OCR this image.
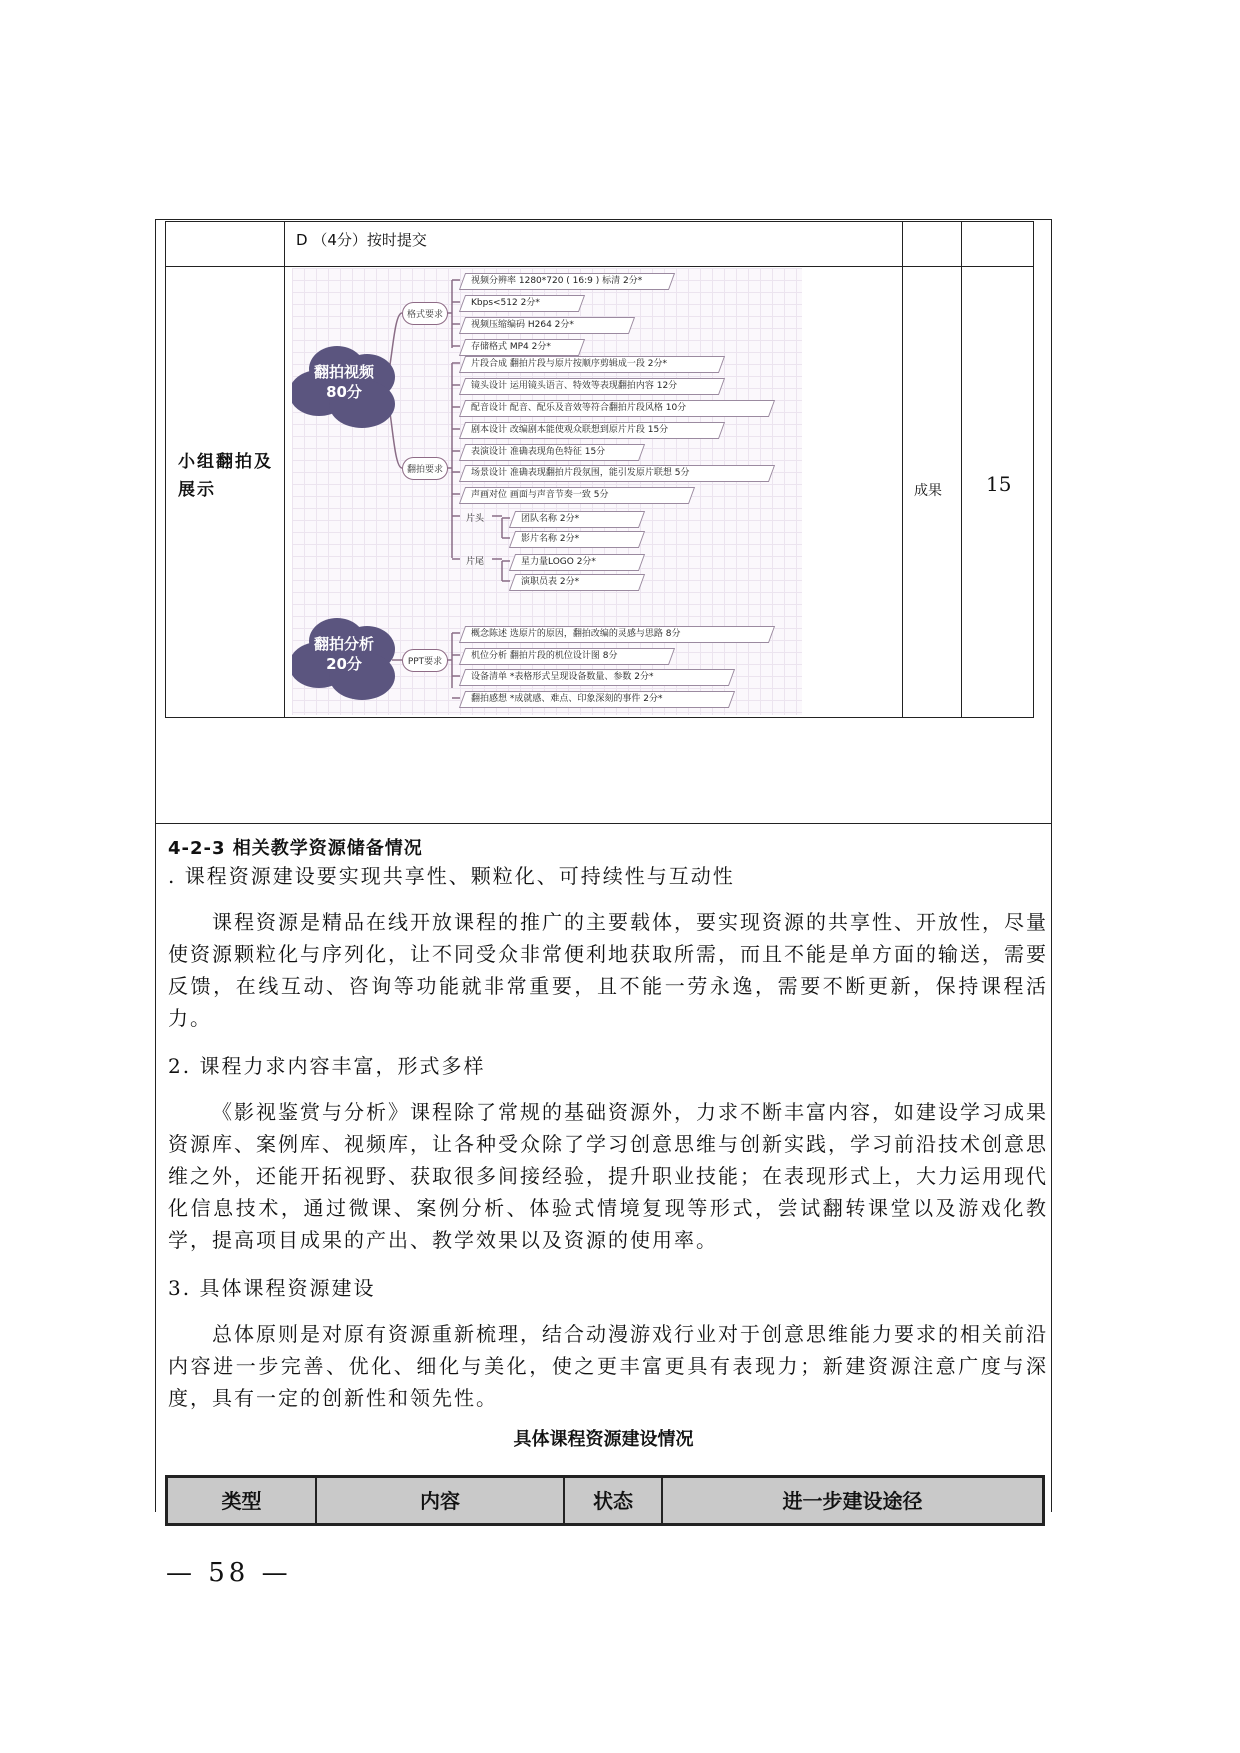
D （4分）按时提交
小组翻拍及展示	成果 15
翻拍视频
80分
翻拍分析
20分
格式要求
翻拍要求
PPT要求
视频分辨率 1280*720 ( 16:9 ) 标清 2分*
Kbps<512 2分*
视频压缩编码 H264 2分*
存储格式 MP4 2分*
片段合成 翻拍片段与原片按顺序剪辑成一段 2分*
镜头设计 运用镜头语言、特效等表现翻拍内容 12分
配音设计 配音、配乐及音效等符合翻拍片段风格 10分
剧本设计 改编剧本能使观众联想到原片片段 15分
表演设计 准确表现角色特征 15分
场景设计 准确表现翻拍片段氛围，能引发原片联想 5分
声画对位 画面与声音节奏一致 5分
片头
片尾
团队名称 2分*
影片名称 2分*
星力量LOGO 2分*
演职员表 2分*
概念陈述 选原片的原因，翻拍改编的灵感与思路 8分
机位分析 翻拍片段的机位设计图 8分
设备清单 *表格形式呈现设备数量、参数 2分*
翻拍感想 *成就感、难点、印象深刻的事件 2分*
4-2-3 相关教学资源储备情况
. 课程资源建设要实现共享性、颗粒化、可持续性与互动性
课程资源是精品在线开放课程的推广的主要载体，要实现资源的共享性、开放性，尽量使资源颗粒化与序列化，让不同受众非常便利地获取所需，而且不能是单方面的输送，需要反馈，在线互动、咨询等功能就非常重要，且不能一劳永逸，需要不断更新，保持课程活力。
2. 课程力求内容丰富，形式多样
《影视鉴赏与分析》课程除了常规的基础资源外，力求不断丰富内容，如建设学习成果资源库、案例库、视频库，让各种受众除了学习创意思维与创新实践，学习前沿技术创意思维之外，还能开拓视野、获取很多间接经验，提升职业技能；在表现形式上，大力运用现代化信息技术，通过微课、案例分析、体验式情境复现等形式，尝试翻转课堂以及游戏化教学，提高项目成果的产出、教学效果以及资源的使用率。
3. 具体课程资源建设
总体原则是对原有资源重新梳理，结合动漫游戏行业对于创意思维能力要求的相关前沿内容进一步完善、优化、细化与美化，使之更丰富更具有表现力；新建资源注意广度与深度，具有一定的创新性和领先性。
具体课程资源建设情况
类型	内容	状态	进一步建设途径
— 58 —
